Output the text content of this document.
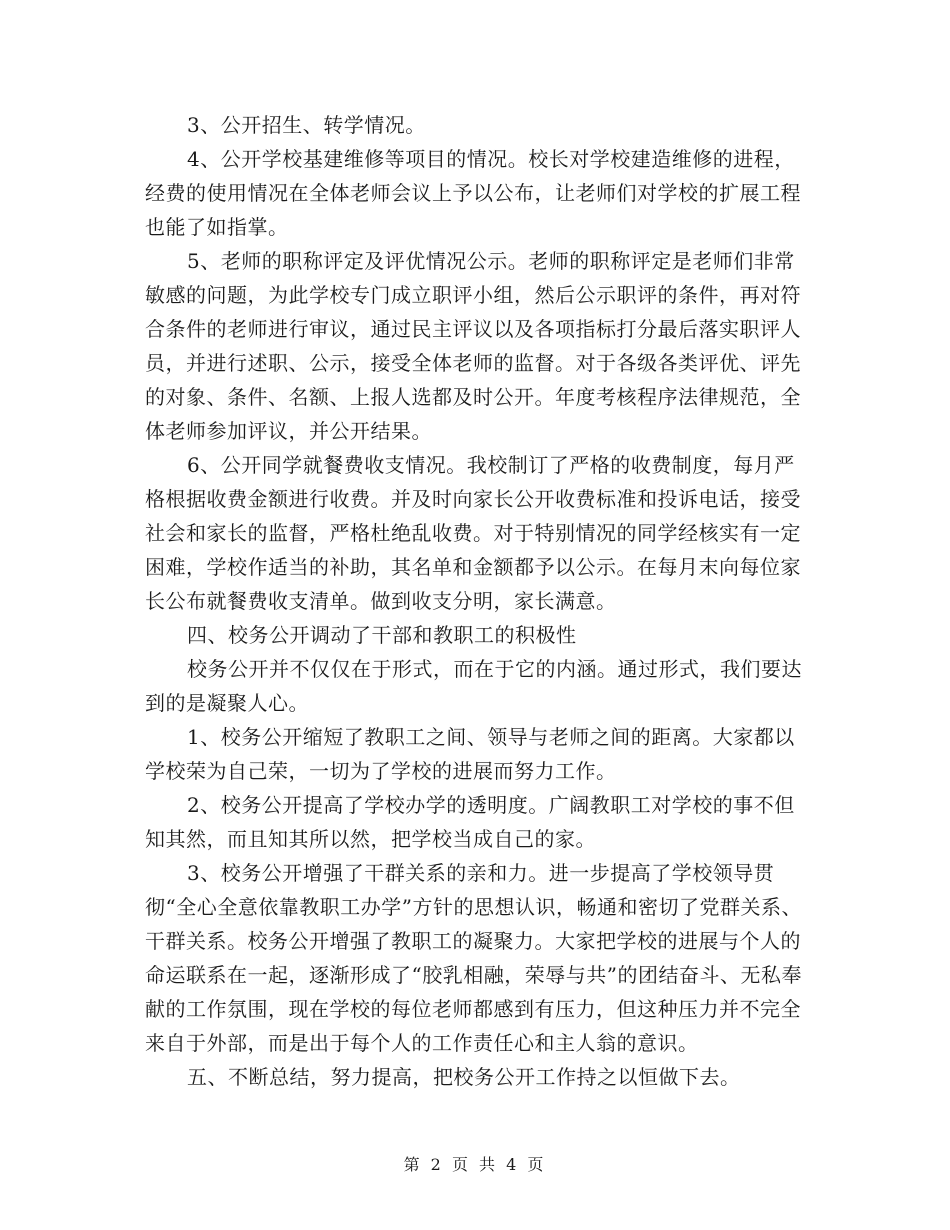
3、公开招生、转学情况。

4、公开学校基建维修等项目的情况。校长对学校建造维修的进程，经费的使用情况在全体老师会议上予以公布，让老师们对学校的扩展工程也能了如指掌。

5、老师的职称评定及评优情况公示。老师的职称评定是老师们非常敏感的问题，为此学校专门成立职评小组，然后公示职评的条件，再对符合条件的老师进行审议，通过民主评议以及各项指标打分最后落实职评人员，并进行述职、公示，接受全体老师的监督。对于各级各类评优、评先的对象、条件、名额、上报人选都及时公开。年度考核程序法律规范，全体老师参加评议，并公开结果。

6、公开同学就餐费收支情况。我校制订了严格的收费制度，每月严格根据收费金额进行收费。并及时向家长公开收费标准和投诉电话，接受社会和家长的监督，严格杜绝乱收费。对于特别情况的同学经核实有一定困难，学校作适当的补助，其名单和金额都予以公示。在每月末向每位家长公布就餐费收支清单。做到收支分明，家长满意。

四、校务公开调动了干部和教职工的积极性

校务公开并不仅仅在于形式，而在于它的内涵。通过形式，我们要达到的是凝聚人心。

1、校务公开缩短了教职工之间、领导与老师之间的距离。大家都以学校荣为自己荣，一切为了学校的进展而努力工作。

2、校务公开提高了学校办学的透明度。广阔教职工对学校的事不但知其然，而且知其所以然，把学校当成自己的家。

3、校务公开增强了干群关系的亲和力。进一步提高了学校领导贯彻“全心全意依靠教职工办学”方针的思想认识，畅通和密切了党群关系、干群关系。校务公开增强了教职工的凝聚力。大家把学校的进展与个人的命运联系在一起，逐渐形成了“胶乳相融，荣辱与共”的团结奋斗、无私奉献的工作氛围，现在学校的每位老师都感到有压力，但这种压力并不完全来自于外部，而是出于每个人的工作责任心和主人翁的意识。

五、不断总结，努力提高，把校务公开工作持之以恒做下去。

第 2 页 共 4 页
